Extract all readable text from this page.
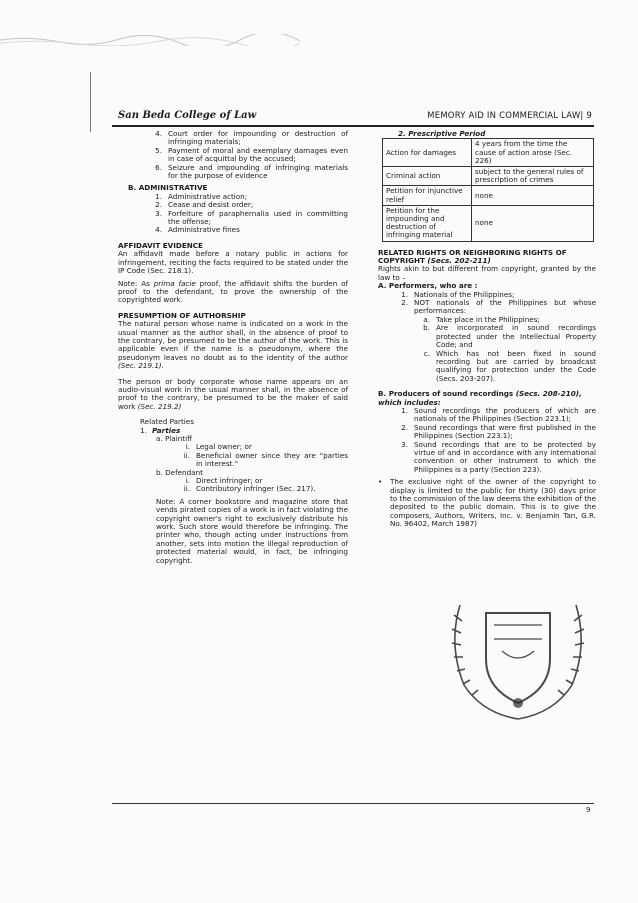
San Beda College of Law	MEMORY AID IN COMMERCIAL LAW| 9
4. Court order for impounding or destruction of infringing materials;
5. Payment of moral and exemplary damages even in case of acquittal by the accused;
6. Seizure and impounding of infringing materials for the purpose of evidence
B. ADMINISTRATIVE
1. Administrative action;
2. Cease and desist order;
3. Forfeiture of paraphernalia used in committing the offense;
4. Administrative fines
AFFIDAVIT EVIDENCE

An affidavit made before a notary public in actions for infringement, reciting the facts required to be stated under the IP Code (Sec. 218.1).

Note: As prima facie proof, the affidavit shifts the burden of proof to the defendant, to prove the ownership of the copyrighted work.

PRESUMPTION OF AUTHORSHIP

The natural person whose name is indicated on a work in the usual manner as the author shall, in the absence of proof to the contrary, be presumed to be the author of the work. This is applicable even if the name is a pseudonym, where the pseudonym leaves no doubt as to the identity of the author (Sec. 219.1).

The person or body corporate whose name appears on an audio-visual work in the usual manner shall, in the absence of proof to the contrary, be presumed to be the maker of said work (Sec. 219.2)

Related Parties
1. Parties
a. Plaintiff
i. Legal owner; or
ii. Beneficial owner since they are "parties in interest."
b. Defendant
i. Direct infringer; or
ii. Contributory infringer (Sec. 217).

Note: A corner bookstore and magazine store that vends pirated copies of a work is in fact violating the copyright owner's right to exclusively distribute his work. Such store would therefore be infringing. The printer who, though acting under instructions from another, sets into motion the illegal reproduction of protected material would, in fact, be infringing copyright.

2. Prescriptive Period
Action for damages	4 years from the time the cause of action arose (Sec. 226)
Criminal action	subject to the general rules of prescription of crimes
Petition for injunctive relief	none
Petition for the impounding and destruction of infringing material	none
RELATED RIGHTS OR NEIGHBORING RIGHTS OF COPYRIGHT (Secs. 202-211)

Rights akin to but different from copyright, granted by the law to –

A. Performers, who are :
1. Nationals of the Philippines;
2. NOT nationals of the Philippines but whose performances:
a. Take place in the Philippines;
b. Are incorporated in sound recordings protected under the Intellectual Property Code; and
c. Which has not been fixed in sound recording but are carried by broadcast qualifying for protection under the Code (Secs. 203-207).
B. Producers of sound recordings (Secs. 208-210), which includes:
1. Sound recordings the producers of which are nationals of the Philippines (Section 223.1);
2. Sound recordings that were first published in the Philippines (Section 223.1);
3. Sound recordings that are to be protected by virtue of and in accordance with any international convention or other instrument to which the Philippines is a party (Section 223).
•	The exclusive right of the owner of the copyright to display is limited to the public for thirty (30) days prior to the commission of the law deems the exhibition of the deposited to the public domain. This is to give the composers, Authors, Writers, Inc. v. Benjamin Tan, G.R. No. 96402, March 1987)
9
